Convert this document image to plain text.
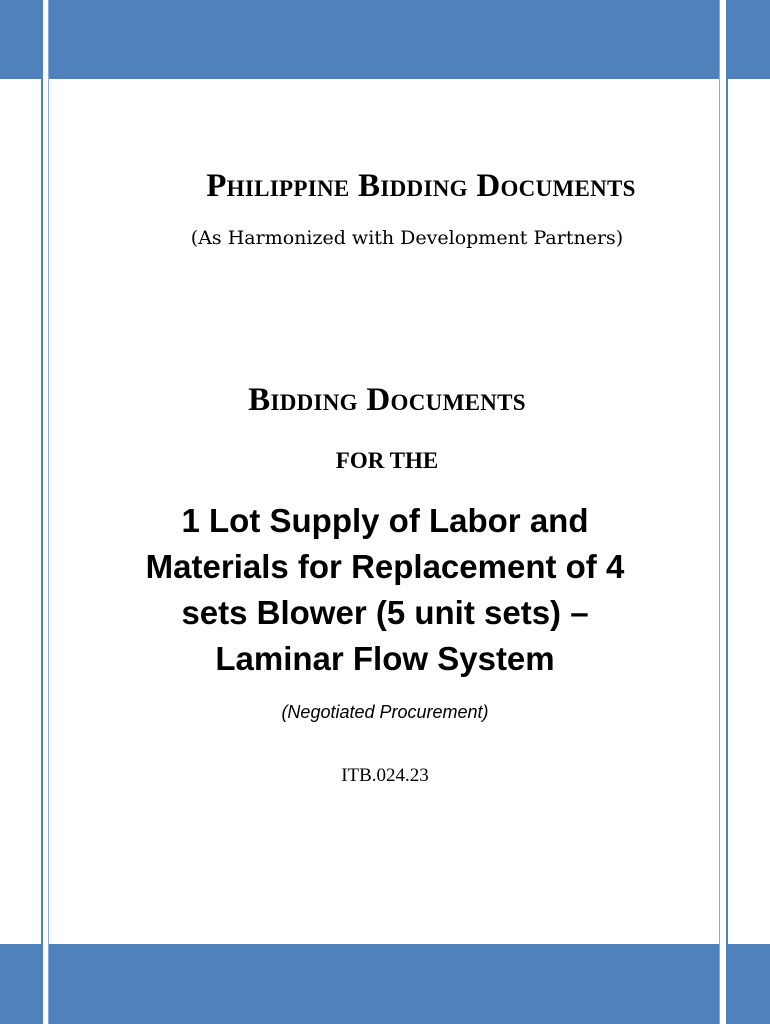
Philippine Bidding Documents
(As Harmonized with Development Partners)
Bidding Documents
FOR THE
1 Lot Supply of Labor and
Materials for Replacement of 4
sets Blower (5 unit sets) –
Laminar Flow System
(Negotiated Procurement)
ITB.024.23
